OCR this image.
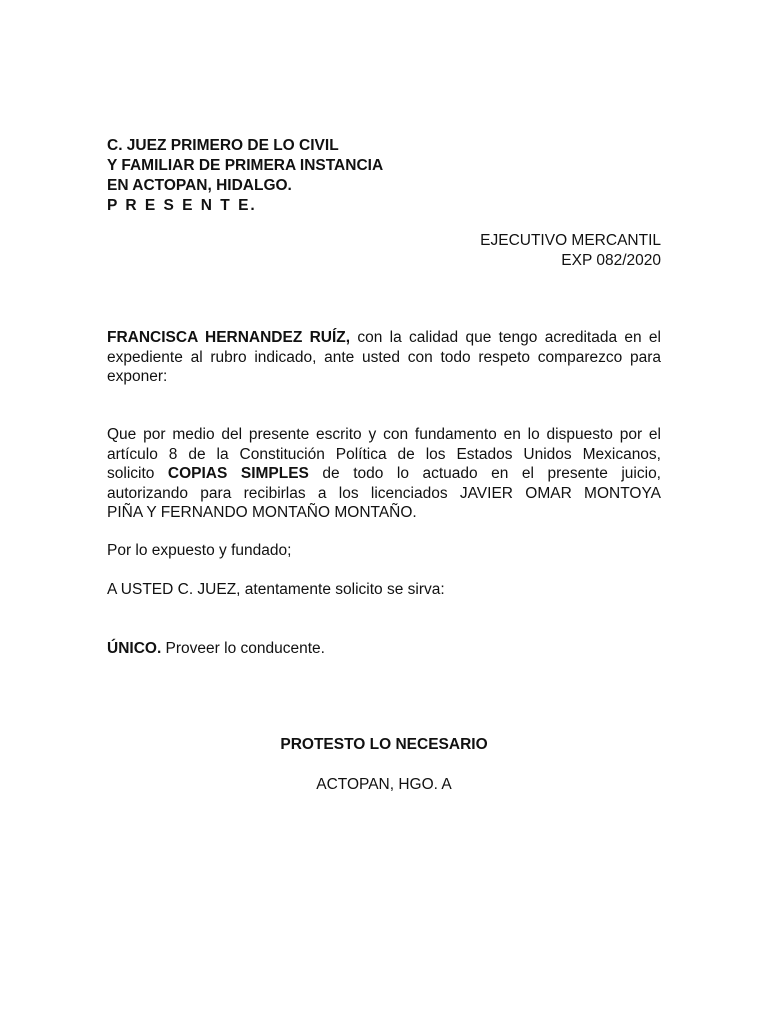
C. JUEZ PRIMERO DE LO CIVIL
Y FAMILIAR DE PRIMERA INSTANCIA
EN ACTOPAN, HIDALGO.
P R E S E N T E.
EJECUTIVO MERCANTIL
EXP 082/2020
FRANCISCA HERNANDEZ RUÍZ, con la calidad que tengo acreditada en el
expediente al rubro indicado, ante usted con todo respeto comparezco para
exponer:
Que por medio del presente escrito y con fundamento en lo dispuesto por el
artículo 8 de la Constitución Política de los Estados Unidos Mexicanos,
solicito COPIAS SIMPLES de todo lo actuado en el presente juicio,
autorizando para recibirlas a los licenciados JAVIER OMAR MONTOYA
PIÑA Y FERNANDO MONTAÑO MONTAÑO.
Por lo expuesto y fundado;
A USTED C. JUEZ, atentamente solicito se sirva:
ÚNICO. Proveer lo conducente.
PROTESTO LO NECESARIO
ACTOPAN, HGO. A
